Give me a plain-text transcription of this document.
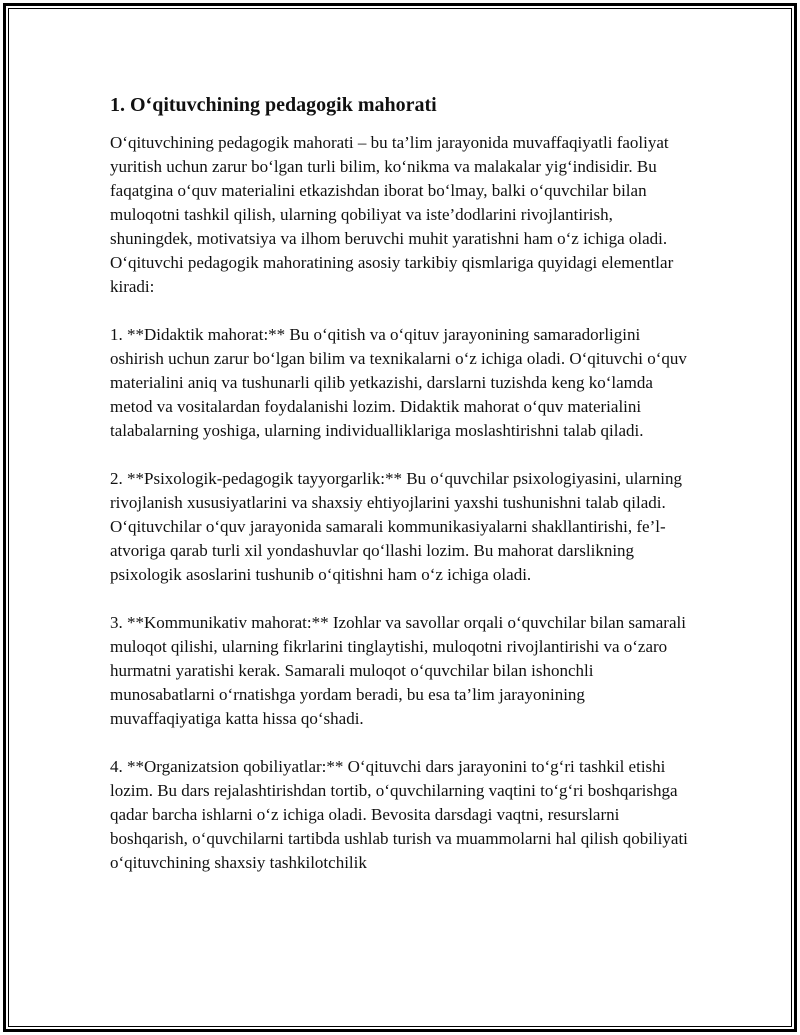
1. O‘qituvchining pedagogik mahorati

O‘qituvchining pedagogik mahorati – bu ta’lim jarayonida muvaffaqiyatli faoliyat yuritish uchun zarur bo‘lgan turli bilim, ko‘nikma va malakalar yig‘indisidir. Bu faqatgina o‘quv materialini etkazishdan iborat bo‘lmay, balki o‘quvchilar bilan muloqotni tashkil qilish, ularning qobiliyat va iste’dodlarini rivojlantirish, shuningdek, motivatsiya va ilhom beruvchi muhit yaratishni ham o‘z ichiga oladi. O‘qituvchi pedagogik mahoratining asosiy tarkibiy qismlariga quyidagi elementlar kiradi:

1. **Didaktik mahorat:** Bu o‘qitish va o‘qituv jarayonining samaradorligini oshirish uchun zarur bo‘lgan bilim va texnikalarni o‘z ichiga oladi. O‘qituvchi o‘quv materialini aniq va tushunarli qilib yetkazishi, darslarni tuzishda keng ko‘lamda metod va vositalardan foydalanishi lozim. Didaktik mahorat o‘quv materialini talabalarning yoshiga, ularning individualliklariga moslashtirishni talab qiladi.

2. **Psixologik-pedagogik tayyorgarlik:** Bu o‘quvchilar psixologiyasini, ularning rivojlanish xususiyatlarini va shaxsiy ehtiyojlarini yaxshi tushunishni talab qiladi. O‘qituvchilar o‘quv jarayonida samarali kommunikasiyalarni shakllantirishi, fe’l-atvoriga qarab turli xil yondashuvlar qo‘llashi lozim. Bu mahorat darslikning psixologik asoslarini tushunib o‘qitishni ham o‘z ichiga oladi.

3. **Kommunikativ mahorat:** Izohlar va savollar orqali o‘quvchilar bilan samarali muloqot qilishi, ularning fikrlarini tinglaytishi, muloqotni rivojlantirishi va o‘zaro hurmatni yaratishi kerak. Samarali muloqot o‘quvchilar bilan ishonchli munosabatlarni o‘rnatishga yordam beradi, bu esa ta’lim jarayonining muvaffaqiyatiga katta hissa qo‘shadi.

4. **Organizatsion qobiliyatlar:** O‘qituvchi dars jarayonini to‘g‘ri tashkil etishi lozim. Bu dars rejalashtirishdan tortib, o‘quvchilarning vaqtini to‘g‘ri boshqarishga qadar barcha ishlarni o‘z ichiga oladi. Bevosita darsdagi vaqtni, resurslarni boshqarish, o‘quvchilarni tartibda ushlab turish va muammolarni hal qilish qobiliyati o‘qituvchining shaxsiy tashkilotchilik
